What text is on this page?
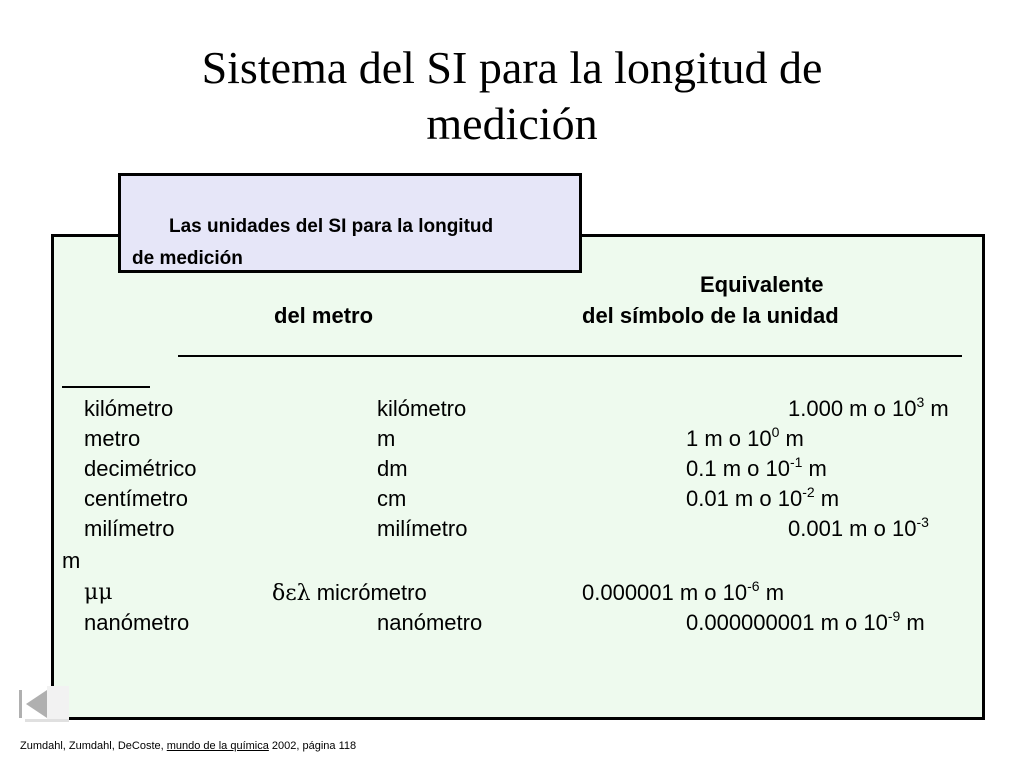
Sistema del SI para la longitud de
medición
Las unidades del SI para la longitud
de medición
Equivalente
del metro	del símbolo de la unidad
kilómetro	kilómetro	1.000 m o $10^3$ m
metro	m	1 m o $10^0$ m
decimétrico	dm	0.1 m o $10^{-1}$ m
centímetro	cm	0.01 m o $10^{-2}$ m
milímetro	milímetro	0.001 m o $10^{-3}$
m
μμ	δελ micrómetro	0.000001 m o $10^{-6}$ m
nanómetro	nanómetro	0.000000001 m o $10^{-9}$ m
Zumdahl, Zumdahl, DeCoste, mundo de la química 2002, página 118
